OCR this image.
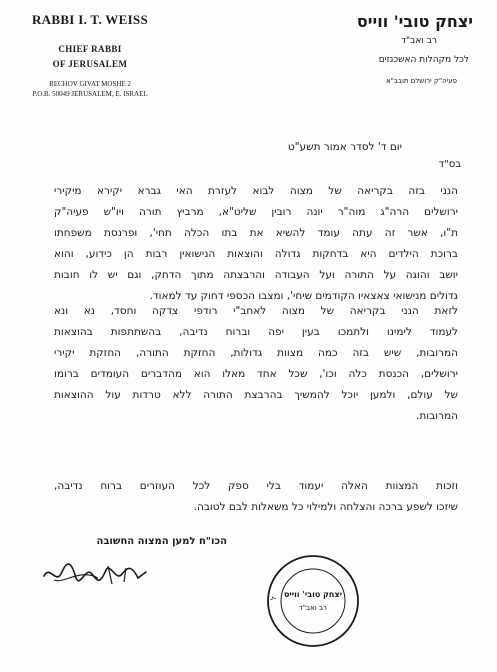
RABBI I. T. WEISS
CHIEF RABBI
OF JERUSALEM
RECHOV GIVAT MOSHE 2
P.O.B. 50049 JERUSALEM, E. ISRAEL
יצחק טובי' ווייס
רב ואב"ד
לכל מקהלות האשכנזים
פעיה"ק ירושלם תובב"א
יום ד' לסדר אמור תשע"ט
בס"ד
הנני בזה בקריאה של מצוה לבוא לעזרת האי גברא יקירא מיקירי
ירושלים הרה"ג מוה"ר יונה רובין שליט"א, מרביץ תורה ויו"ש פעיה"ק
ת"ו, אשר זה עתה עומד להשיא את בתו הכלה תחי', ופרנסת משפחתו
ברוכת הילדים היא בדחקות גדולה והוצאות הנישואין רבות הן כידוע, והוא
יושב והוגה על התורה ועל העבודה והרבצתה מתוך הדחק, וגם יש לו חובות
גדולים מנישואי צאצאיו הקודמים שיחי', ומצבו הכספי דחוק עד למאוד.
לזאת הנני בקריאה של מצוה לאחב"י רודפי צדקה וחסד, נא ונא
לעמוד לימינו ולתמכו בעין יפה וברוח נדיבה, בהשתתפות בהוצאות
המרובות, שיש בזה כמה מצוות גדולות, החזקת התורה, החזקת יקירי
ירושלים, הכנסת כלה וכו', שכל אחד מאלו הוא מהדברים העומדים ברומו
של עולם, ולמען יוכל להמשיך בהרבצת התורה ללא טרדות עול ההוצאות
המרובות.
וזכות המצוות האלה יעמוד בלי ספק לכל העוזרים ברוח נדיבה,
שיזכו לשפע ברכה והצלחה ולמילוי כל משאלות לבם לטובה.
הכו"ח למען המצוה החשובה
ל יצחק טובי' ווייס
רב ואב"ד
